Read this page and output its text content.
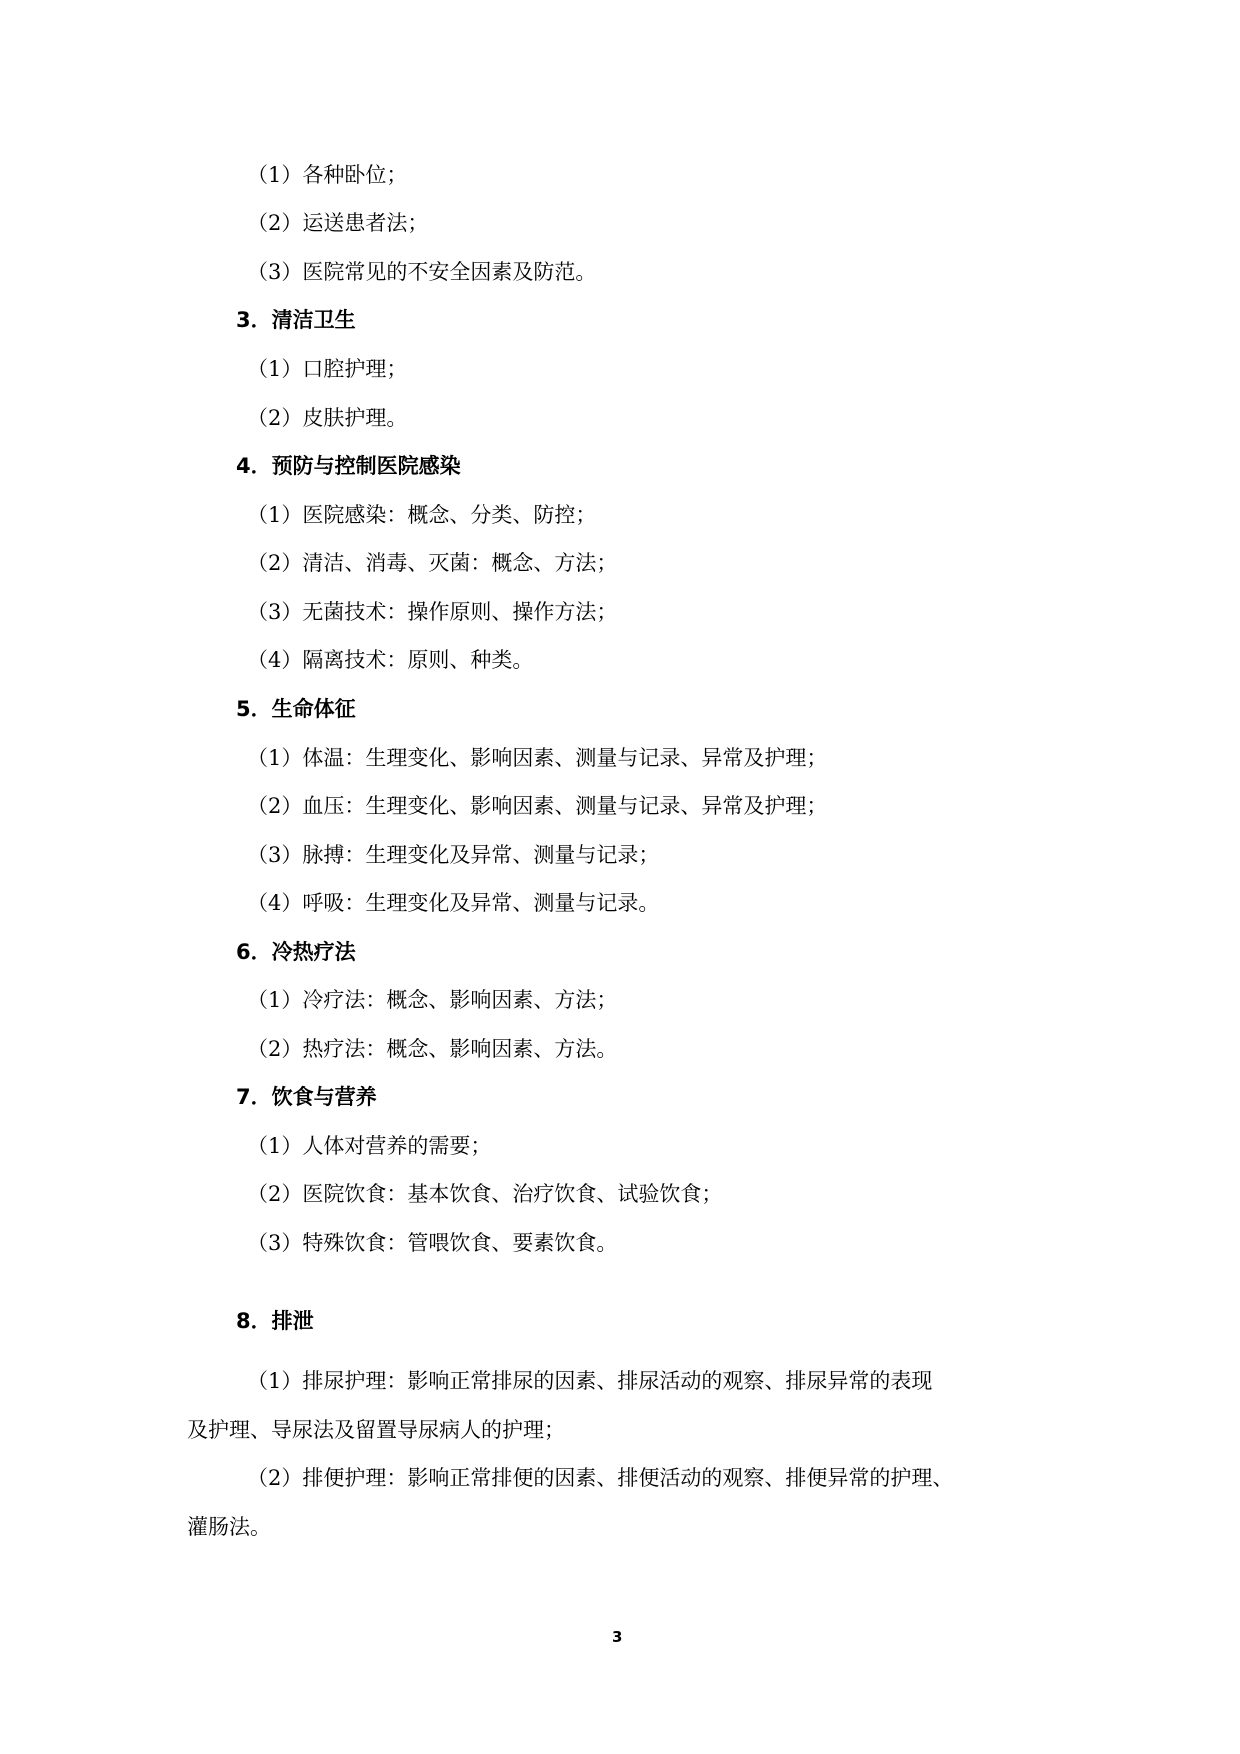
（1）各种卧位；
（2）运送患者法；
（3）医院常见的不安全因素及防范。
3．清洁卫生
（1）口腔护理；
（2）皮肤护理。
4．预防与控制医院感染
（1）医院感染：概念、分类、防控；
（2）清洁、消毒、灭菌：概念、方法；
（3）无菌技术：操作原则、操作方法；
（4）隔离技术：原则、种类。
5．生命体征
（1）体温：生理变化、影响因素、测量与记录、异常及护理；
（2）血压：生理变化、影响因素、测量与记录、异常及护理；
（3）脉搏：生理变化及异常、测量与记录；
（4）呼吸：生理变化及异常、测量与记录。
6．冷热疗法
（1）冷疗法：概念、影响因素、方法；
（2）热疗法：概念、影响因素、方法。
7．饮食与营养
（1）人体对营养的需要；
（2）医院饮食：基本饮食、治疗饮食、试验饮食；
（3）特殊饮食：管喂饮食、要素饮食。
8．排泄
（1）排尿护理：影响正常排尿的因素、排尿活动的观察、排尿异常的表现
及护理、导尿法及留置导尿病人的护理；
（2）排便护理：影响正常排便的因素、排便活动的观察、排便异常的护理、
灌肠法。
3
